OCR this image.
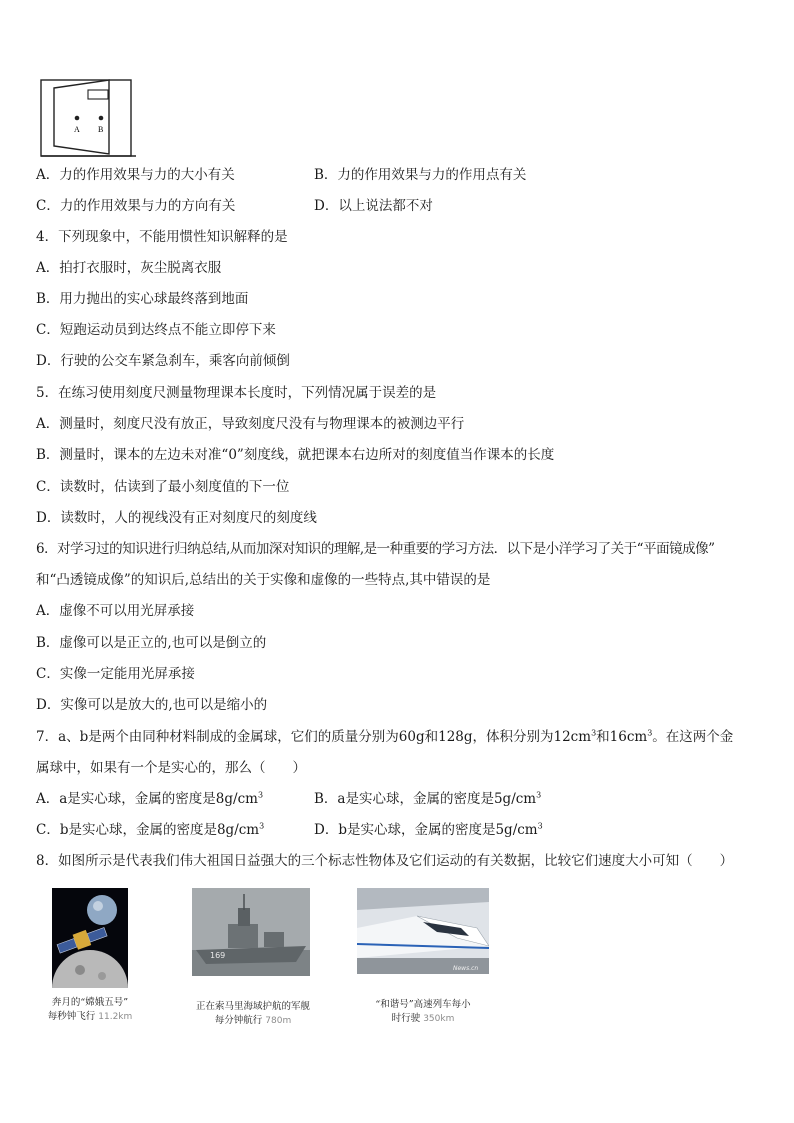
A B
A．力的作用效果与力的大小有关	B．力的作用效果与力的作用点有关
C．力的作用效果与力的方向有关	D．以上说法都不对
4．下列现象中，不能用惯性知识解释的是
A．拍打衣服时，灰尘脱离衣服
B．用力抛出的实心球最终落到地面
C．短跑运动员到达终点不能立即停下来
D．行驶的公交车紧急刹车，乘客向前倾倒
5．在练习使用刻度尺测量物理课本长度时，下列情况属于误差的是
A．测量时，刻度尺没有放正，导致刻度尺没有与物理课本的被测边平行
B．测量时，课本的左边未对准“0”刻度线，就把课本右边所对的刻度值当作课本的长度
C．读数时，估读到了最小刻度值的下一位
D．读数时，人的视线没有正对刻度尺的刻度线
6．对学习过的知识进行归纳总结,从而加深对知识的理解,是一种重要的学习方法．以下是小洋学习了关于“平面镜成像”
和“凸透镜成像”的知识后,总结出的关于实像和虚像的一些特点,其中错误的是
A．虚像不可以用光屏承接
B．虚像可以是正立的,也可以是倒立的
C．实像一定能用光屏承接
D．实像可以是放大的,也可以是缩小的
7．a、b是两个由同种材料制成的金属球，它们的质量分别为60g和128g，体积分别为$12cm^3$和$16cm^3$。在这两个金
属球中，如果有一个是实心的，那么（　　）
A．a是实心球，金属的密度是$8g/cm^3$	B．a是实心球，金属的密度是$5g/cm^3$
C．b是实心球，金属的密度是$8g/cm^3$	D．b是实心球，金属的密度是$5g/cm^3$
8．如图所示是代表我们伟大祖国日益强大的三个标志性物体及它们运动的有关数据，比较它们速度大小可知（　　）
奔月的“嫦娥五号”
每秒钟飞行 11.2km
169
正在索马里海域护航的军舰
每分钟航行 780m
News.cn
“和谐号”高速列车每小
时行驶 350km
